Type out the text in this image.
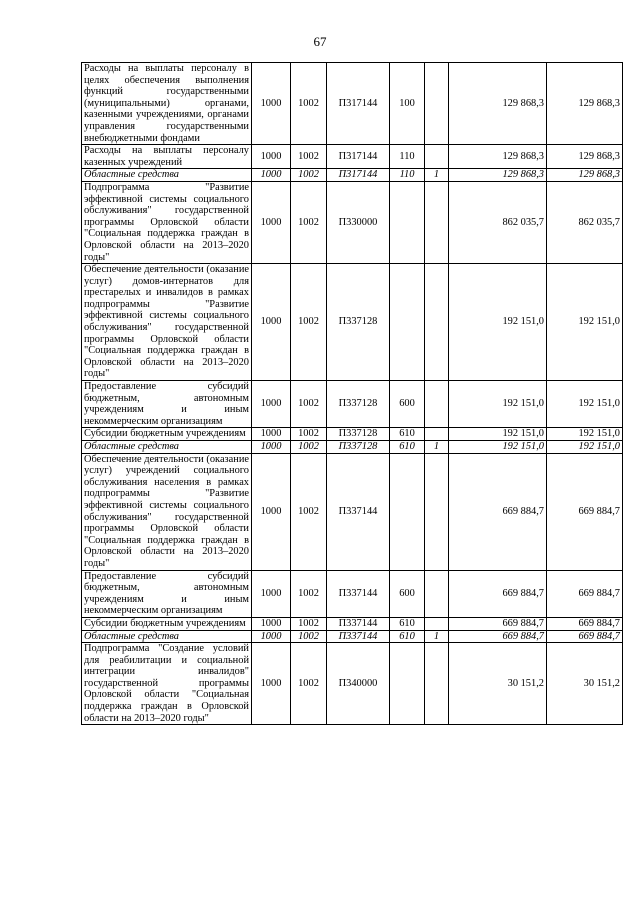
67
Расходы на выплаты персоналу в целях обеспечения выполнения функций государственными (муниципальными) органами, казенными учреждениями, органами управления государственными внебюджетными фондами	1000	1002	П317144	100		129 868,3	129 868,3
Расходы на выплаты персоналу казенных учреждений	1000	1002	П317144	110		129 868,3	129 868,3
Областные средства	1000	1002	П317144	110	1	129 868,3	129 868,3
Подпрограмма "Развитие эффективной системы социального обслуживания" государственной программы Орловской области "Социальная поддержка граждан в Орловской области на 2013–2020 годы"	1000	1002	П330000			862 035,7	862 035,7
Обеспечение деятельности (оказание услуг) домов-интернатов для престарелых и инвалидов в рамках подпрограммы "Развитие эффективной системы социального обслуживания" государственной программы Орловской области "Социальная поддержка граждан в Орловской области на 2013–2020 годы"	1000	1002	П337128			192 151,0	192 151,0
Предоставление субсидий бюджетным, автономным учреждениям и иным некоммерческим организациям	1000	1002	П337128	600		192 151,0	192 151,0
Субсидии бюджетным учреждениям	1000	1002	П337128	610		192 151,0	192 151,0
Областные средства	1000	1002	П337128	610	1	192 151,0	192 151,0
Обеспечение деятельности (оказание услуг) учреждений социального обслуживания населения в рамках подпрограммы "Развитие эффективной системы социального обслуживания" государственной программы Орловской области "Социальная поддержка граждан в Орловской области на 2013–2020 годы"	1000	1002	П337144			669 884,7	669 884,7
Предоставление субсидий бюджетным, автономным учреждениям и иным некоммерческим организациям	1000	1002	П337144	600		669 884,7	669 884,7
Субсидии бюджетным учреждениям	1000	1002	П337144	610		669 884,7	669 884,7
Областные средства	1000	1002	П337144	610	1	669 884,7	669 884,7
Подпрограмма "Создание условий для реабилитации и социальной интеграции инвалидов" государственной программы Орловской области "Социальная поддержка граждан в Орловской области на 2013–2020 годы"	1000	1002	П340000			30 151,2	30 151,2
